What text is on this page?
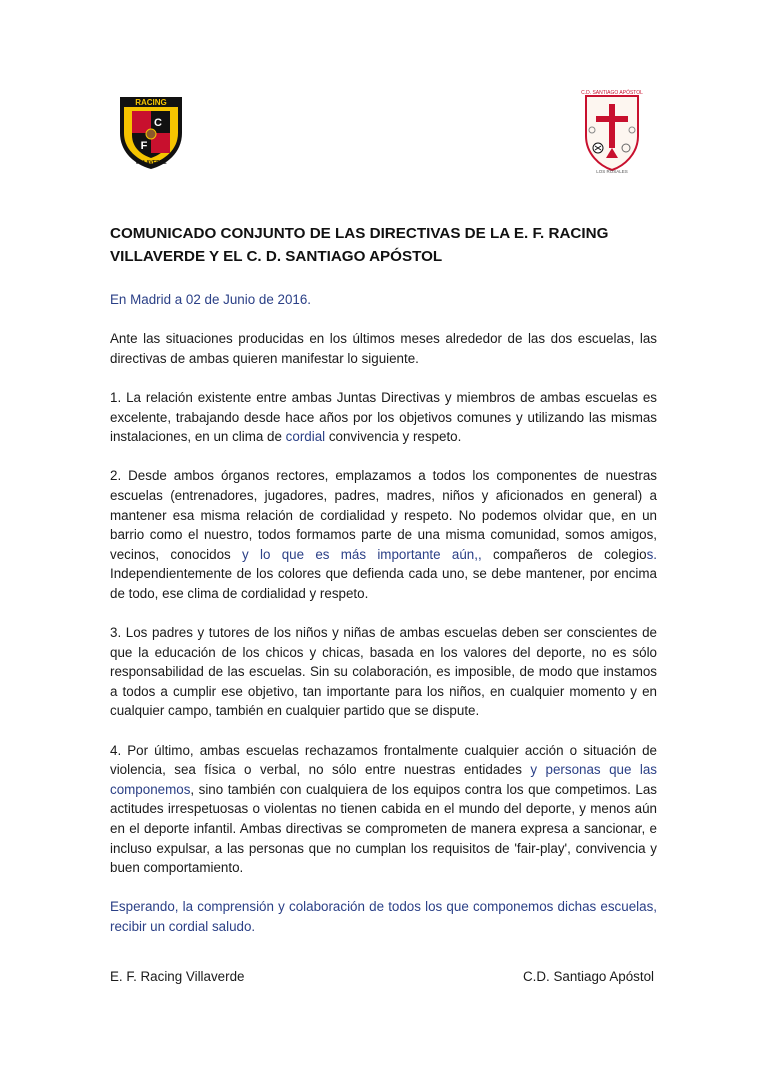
RACING
C
F
VILLAVERDE
C.D. SANTIAGO APÓSTOL
LOS ROSALES
COMUNICADO CONJUNTO DE LAS DIRECTIVAS DE LA E. F. RACING VILLAVERDE Y EL C. D. SANTIAGO APÓSTOL

En Madrid a 02 de Junio de 2016.

Ante las situaciones producidas en los últimos meses alrededor de las dos escuelas, las directivas de ambas quieren manifestar lo siguiente.

1. La relación existente entre ambas Juntas Directivas y miembros de ambas escuelas es excelente, trabajando desde hace años por los objetivos comunes y utilizando las mismas instalaciones, en un clima de cordial convivencia y respeto.

2. Desde ambos órganos rectores, emplazamos a todos los componentes de nuestras escuelas (entrenadores, jugadores, padres, madres, niños y aficionados en general) a mantener esa misma relación de cordialidad y respeto. No podemos olvidar que, en un barrio como el nuestro, todos formamos parte de una misma comunidad, somos amigos, vecinos, conocidos y lo que es más importante aún,, compañeros de colegios. Independientemente de los colores que defienda cada uno, se debe mantener, por encima de todo, ese clima de cordialidad y respeto.

3. Los padres y tutores de los niños y niñas de ambas escuelas deben ser conscientes de que la educación de los chicos y chicas, basada en los valores del deporte, no es sólo responsabilidad de las escuelas. Sin su colaboración, es imposible, de modo que instamos a todos a cumplir ese objetivo, tan importante para los niños, en cualquier momento y en cualquier campo, también en cualquier partido que se dispute.

4. Por último, ambas escuelas rechazamos frontalmente cualquier acción o situación de violencia, sea física o verbal, no sólo entre nuestras entidades y personas que las componemos, sino también con cualquiera de los equipos contra los que competimos. Las actitudes irrespetuosas o violentas no tienen cabida en el mundo del deporte, y menos aún en el deporte infantil. Ambas directivas se comprometen de manera expresa a sancionar, e incluso expulsar, a las personas que no cumplan los requisitos de 'fair-play', convivencia y buen comportamiento.

Esperando, la comprensión y colaboración de todos los que componemos dichas escuelas, recibir un cordial saludo.

E. F. Racing Villaverde	C.D. Santiago Apóstol
